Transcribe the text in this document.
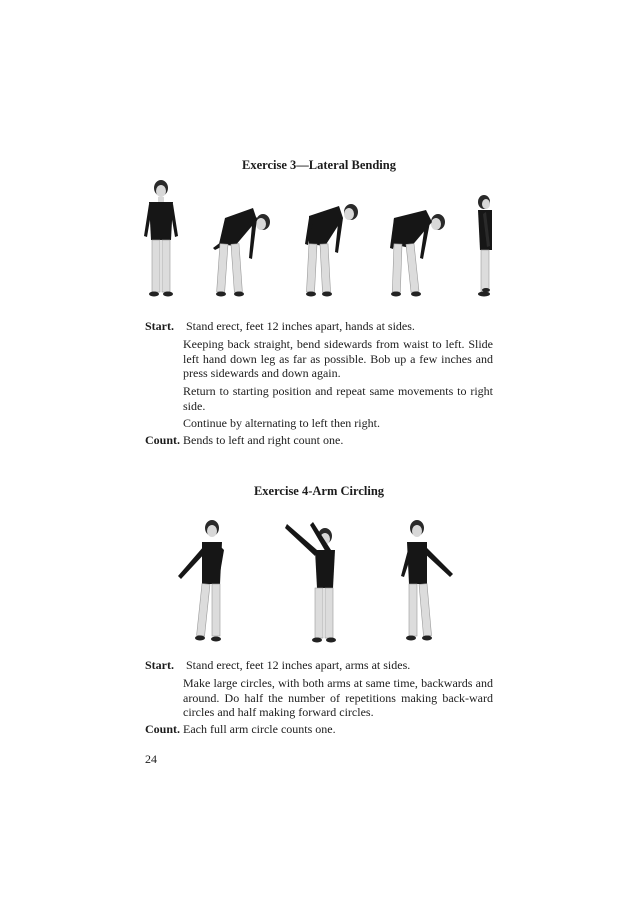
Exercise 3—Lateral Bending
Start. Stand erect, feet 12 inches apart, hands at sides.
Keeping back straight, bend sidewards from waist to left. Slide left hand down leg as far as possible. Bob up a few inches and press sidewards and down again.
Return to starting position and repeat same movements to right side.
Continue by alternating to left then right.
Count. Bends to left and right count one.
Exercise 4-Arm Circling
Start. Stand erect, feet 12 inches apart, arms at sides.
Make large circles, with both arms at same time, backwards and around. Do half the number of repetitions making back-ward circles and half making forward circles.
Count. Each full arm circle counts one.
24
